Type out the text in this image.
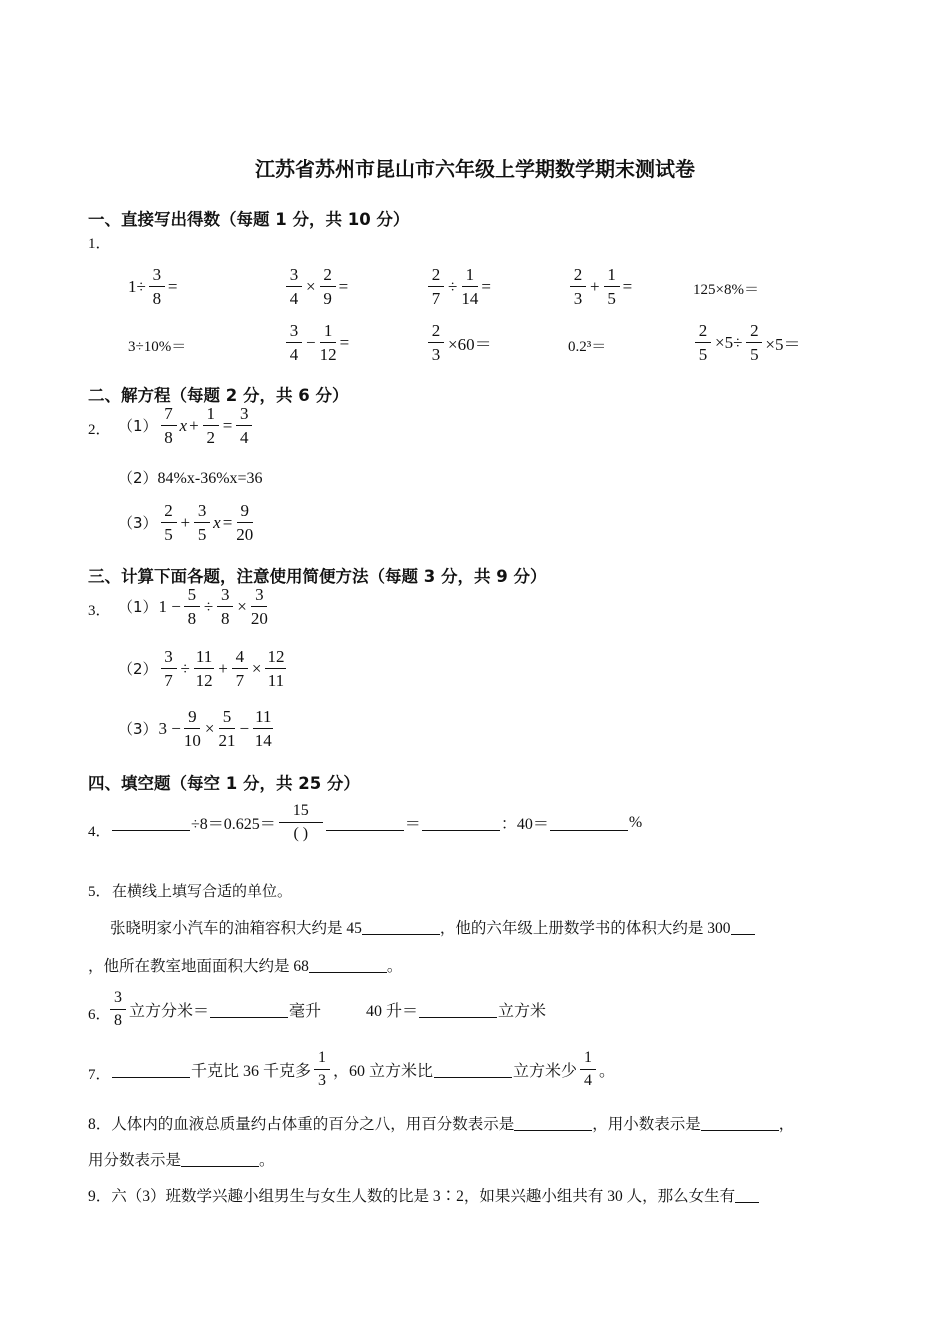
江苏省苏州市昆山市六年级上学期数学期末测试卷
一、直接写出得数（每题 1 分，共 10 分）
1．
$1\div \frac{3}{8}$ =	$\frac{3}{4} \times \frac{2}{9}$ =	$\frac{2}{7} \div \frac{1}{14}$ =	$\frac{2}{3} + \frac{1}{5}$ =	125×8%＝
3÷10%＝	$\frac{3}{4} - \frac{1}{12}$ =	$\frac{2}{3} \times 60=$	0.2³＝	$\frac{2}{5} \times 5\div \frac{2}{5} \times 5=$
二、解方程（每题 2 分，共 6 分）
2． $(1) \frac{7}{8}$ $x + \frac{1}{2} = \frac{3}{4}$
（2）84%x-36%x=36
$(3) \frac{2}{5} + \frac{3}{5}$ $x = \frac{9}{20}$
三、计算下面各题，注意使用简便方法（每题 3 分，共 9 分）
3． （1） $1 - \frac{5}{8} \div \frac{3}{8} \times \frac{3}{20}$
$(2) \frac{3}{7} \div \frac{11}{12} + \frac{4}{7} \times \frac{12}{11}$
（3） $3 - \frac{9}{10} \times \frac{5}{21} - \frac{11}{14}$
四、填空题（每空 1 分，共 25 分）
4．	$\div 8=0.625= \frac{15}{( )}$	＝	：40＝	%
5． 在横线上填写合适的单位。
张晓明家小汽车的油箱容积大约是 45	，他的六年级上册数学书的体积大约是 300
，他所在教室地面面积大约是 68	。
6． $\frac{3}{8}$ 立方分米＝	毫升	40 升＝	立方米
7．	千克比 36 千克多 $\frac{1}{3}$ ，60 立方米比	立方米少 $\frac{1}{4}$ 。
8．人体内的血液总质量约占体重的百分之八，用百分数表示是	，用小数表示是	，
用分数表示是	。
9．六（3）班数学兴趣小组男生与女生人数的比是 3∶2，如果兴趣小组共有 30 人，那么女生有
